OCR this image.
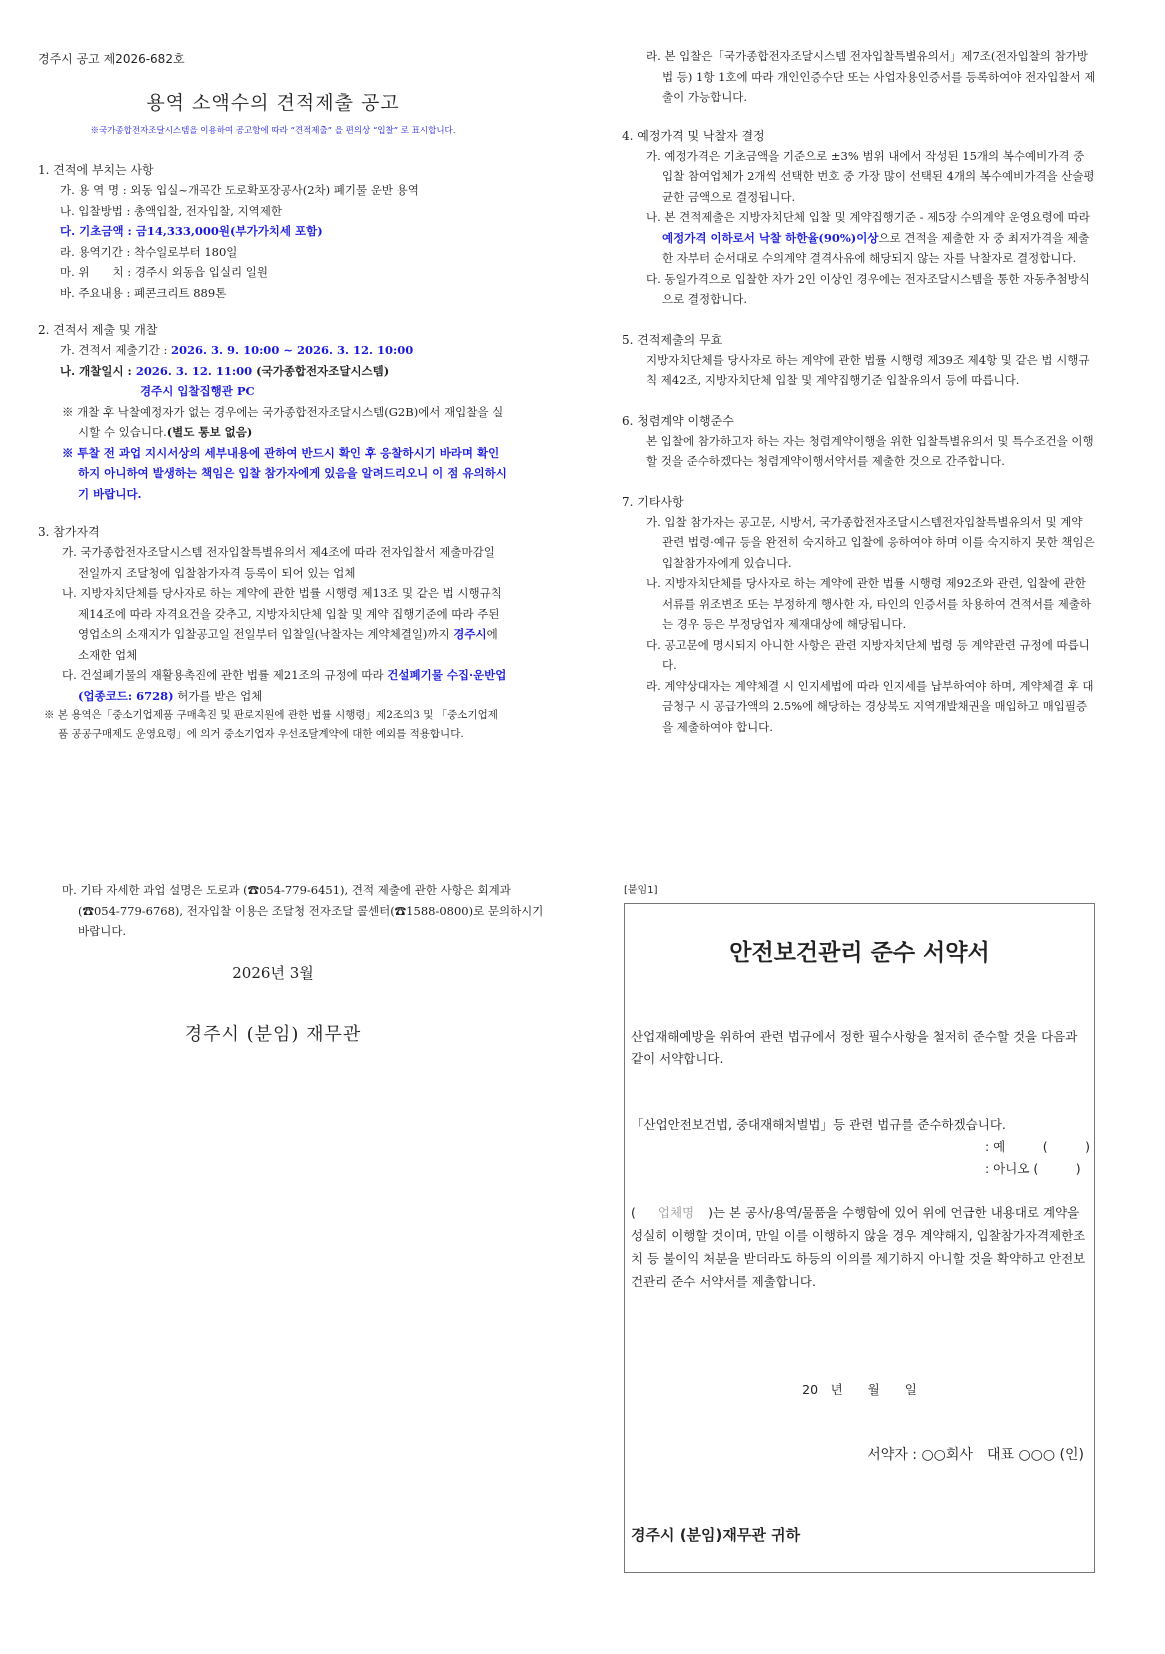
경주시 공고 제2026-682호
용역 소액수의 견적제출 공고
※국가종합전자조달시스템을 이용하여 공고함에 따라 “견적제출” 을 편의상 “입찰” 로 표시합니다.
1. 견적에 부치는 사항
가. 용 역 명 : 외동 입실~개곡간 도로확포장공사(2차) 폐기물 운반 용역
나. 입찰방법 : 총액입찰, 전자입찰, 지역제한
다. 기초금액 : 금14,333,000원(부가가치세 포함)
라. 용역기간 : 착수일로부터 180일
마. 위　　치 : 경주시 외동읍 입실리 일원
바. 주요내용 : 폐콘크리트 889톤
2. 견적서 제출 및 개찰
가. 견적서 제출기간 : 2026. 3. 9. 10:00 ~ 2026. 3. 12. 10:00
나. 개찰일시 : 2026. 3. 12. 11:00 (국가종합전자조달시스템)
경주시 입찰집행관 PC
※ 개찰 후 낙찰예정자가 없는 경우에는 국가종합전자조달시스템(G2B)에서 재입찰을 실시할 수 있습니다.(별도 통보 없음)
※ 투찰 전 과업 지시서상의 세부내용에 관하여 반드시 확인 후 응찰하시기 바라며 확인하지 아니하여 발생하는 책임은 입찰 참가자에게 있음을 알려드리오니 이 점 유의하시기 바랍니다.
3. 참가자격
가. 국가종합전자조달시스템 전자입찰특별유의서 제4조에 따라 전자입찰서 제출마감일 전일까지 조달청에 입찰참가자격 등록이 되어 있는 업체
나. 지방자치단체를 당사자로 하는 계약에 관한 법률 시행령 제13조 및 같은 법 시행규칙 제14조에 따라 자격요건을 갖추고, 지방자치단체 입찰 및 계약 집행기준에 따라 주된 영업소의 소재지가 입찰공고일 전일부터 입찰일(낙찰자는 계약체결일)까지 경주시에 소재한 업체
다. 건설폐기물의 재활용촉진에 관한 법률 제21조의 규정에 따라 건설폐기물 수집·운반업(업종코드: 6728) 허가를 받은 업체
※ 본 용역은「중소기업제품 구매촉진 및 판로지원에 관한 법률 시행령」제2조의3 및 「중소기업제품 공공구매제도 운영요령」에 의거 중소기업자 우선조달계약에 대한 예외를 적용합니다.
라. 본 입찰은「국가종합전자조달시스템 전자입찰특별유의서」제7조(전자입찰의 참가방법 등) 1항 1호에 따라 개인인증수단 또는 사업자용인증서를 등록하여야 전자입찰서 제출이 가능합니다.
4. 예정가격 및 낙찰자 결정
가. 예정가격은 기초금액을 기준으로 ±3% 범위 내에서 작성된 15개의 복수예비가격 중 입찰 참여업체가 2개씩 선택한 번호 중 가장 많이 선택된 4개의 복수예비가격을 산술평균한 금액으로 결정됩니다.
나. 본 견적제출은 지방자치단체 입찰 및 계약집행기준 - 제5장 수의계약 운영요령에 따라 예정가격 이하로서 낙찰 하한율(90%)이상으로 견적을 제출한 자 중 최저가격을 제출한 자부터 순서대로 수의계약 결격사유에 해당되지 않는 자를 낙찰자로 결정합니다.
다. 동일가격으로 입찰한 자가 2인 이상인 경우에는 전자조달시스템을 통한 자동추첨방식으로 결정합니다.
5. 견적제출의 무효
지방자치단체를 당사자로 하는 계약에 관한 법률 시행령 제39조 제4항 및 같은 법 시행규칙 제42조, 지방자치단체 입찰 및 계약집행기준 입찰유의서 등에 따릅니다.
6. 청렴계약 이행준수
본 입찰에 참가하고자 하는 자는 청렴계약이행을 위한 입찰특별유의서 및 특수조건을 이행할 것을 준수하겠다는 청렴계약이행서약서를 제출한 것으로 간주합니다.
7. 기타사항
가. 입찰 참가자는 공고문, 시방서, 국가종합전자조달시스템전자입찰특별유의서 및 계약 관련 법령·예규 등을 완전히 숙지하고 입찰에 응하여야 하며 이를 숙지하지 못한 책임은 입찰참가자에게 있습니다.
나. 지방자치단체를 당사자로 하는 계약에 관한 법률 시행령 제92조와 관련, 입찰에 관한 서류를 위조변조 또는 부정하게 행사한 자, 타인의 인증서를 차용하여 견적서를 제출하는 경우 등은 부정당업자 제재대상에 해당됩니다.
다. 공고문에 명시되지 아니한 사항은 관련 지방자치단체 법령 등 계약관련 규정에 따릅니다.
라. 계약상대자는 계약체결 시 인지세법에 따라 인지세를 납부하여야 하며, 계약체결 후 대금청구 시 공급가액의 2.5%에 해당하는 경상북도 지역개발채권을 매입하고 매입필증을 제출하여야 합니다.
마. 기타 자세한 과업 설명은 도로과 (☎054-779-6451), 견적 제출에 관한 사항은 회계과 (☎054-779-6768), 전자입찰 이용은 조달청 전자조달 콜센터(☎1588-0800)로 문의하시기 바랍니다.
2026년 3월
경주시 (분임) 재무관
[붙임1]
안전보건관리 준수 서약서
산업재해예방을 위하여 관련 법규에서 정한 필수사항을 철저히 준수할 것을 다음과 같이 서약합니다.
「산업안전보건법, 중대재해처벌법」등 관련 법규를 준수하겠습니다.
: 예　　　(　　　)
: 아니오 (　　　)
( 업체명 )는 본 공사/용역/물품을 수행함에 있어 위에 언급한 내용대로 계약을 성실히 이행할 것이며, 만일 이를 이행하지 않을 경우 계약해지, 입찰참가자격제한조치 등 불이익 처분을 받더라도 하등의 이의를 제기하지 아니할 것을 확약하고 안전보건관리 준수 서약서를 제출합니다.
20　년　　월　　일
서약자 : ○○회사　대표 ○○○ (인)
경주시 (분임)재무관 귀하
